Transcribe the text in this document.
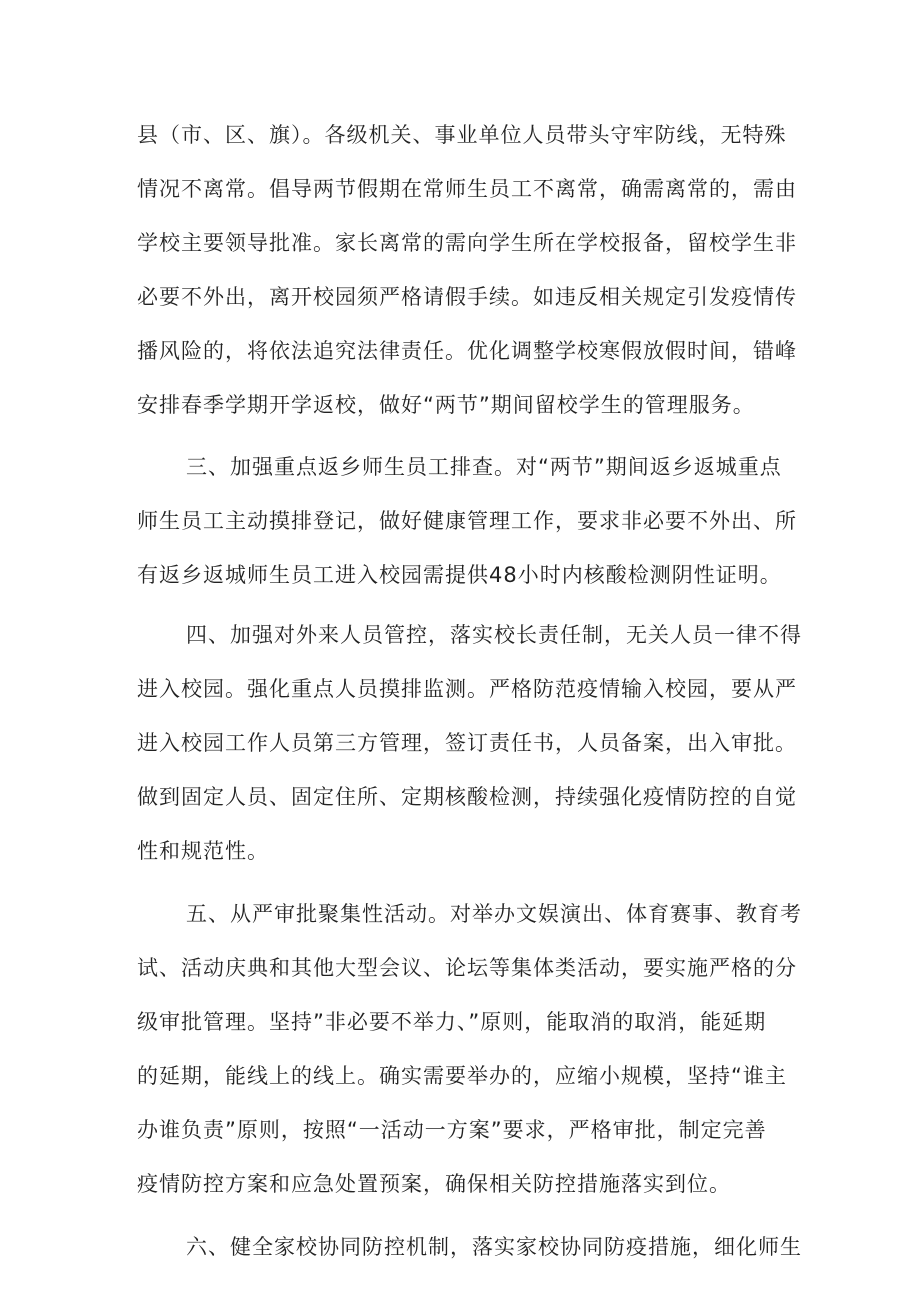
县（市、区、旗）。各级机关、事业单位人员带头守牢防线，无特殊
情况不离常。倡导两节假期在常师生员工不离常，确需离常的，需由
学校主要领导批准。家长离常的需向学生所在学校报备，留校学生非
必要不外出，离开校园须严格请假手续。如违反相关规定引发疫情传
播风险的，将依法追究法律责任。优化调整学校寒假放假时间，错峰
安排春季学期开学返校，做好“两节”期间留校学生的管理服务。
三、加强重点返乡师生员工排查。对“两节”期间返乡返城重点
师生员工主动摸排登记，做好健康管理工作，要求非必要不外出、所
有返乡返城师生员工进入校园需提供48小时内核酸检测阴性证明。
四、加强对外来人员管控，落实校长责任制，无关人员一律不得
进入校园。强化重点人员摸排监测。严格防范疫情输入校园，要从严
进入校园工作人员第三方管理，签订责任书，人员备案，出入审批。
做到固定人员、固定住所、定期核酸检测，持续强化疫情防控的自觉
性和规范性。
五、从严审批聚集性活动。对举办文娱演出、体育赛事、教育考
试、活动庆典和其他大型会议、论坛等集体类活动，要实施严格的分
级审批管理。坚持”非必要不举力、”原则，能取消的取消，能延期
的延期，能线上的线上。确实需要举办的，应缩小规模，坚持“谁主
办谁负责”原则，按照“一活动一方案”要求，严格审批，制定完善
疫情防控方案和应急处置预案，确保相关防控措施落实到位。
六、健全家校协同防控机制，落实家校协同防疫措施，细化师生
